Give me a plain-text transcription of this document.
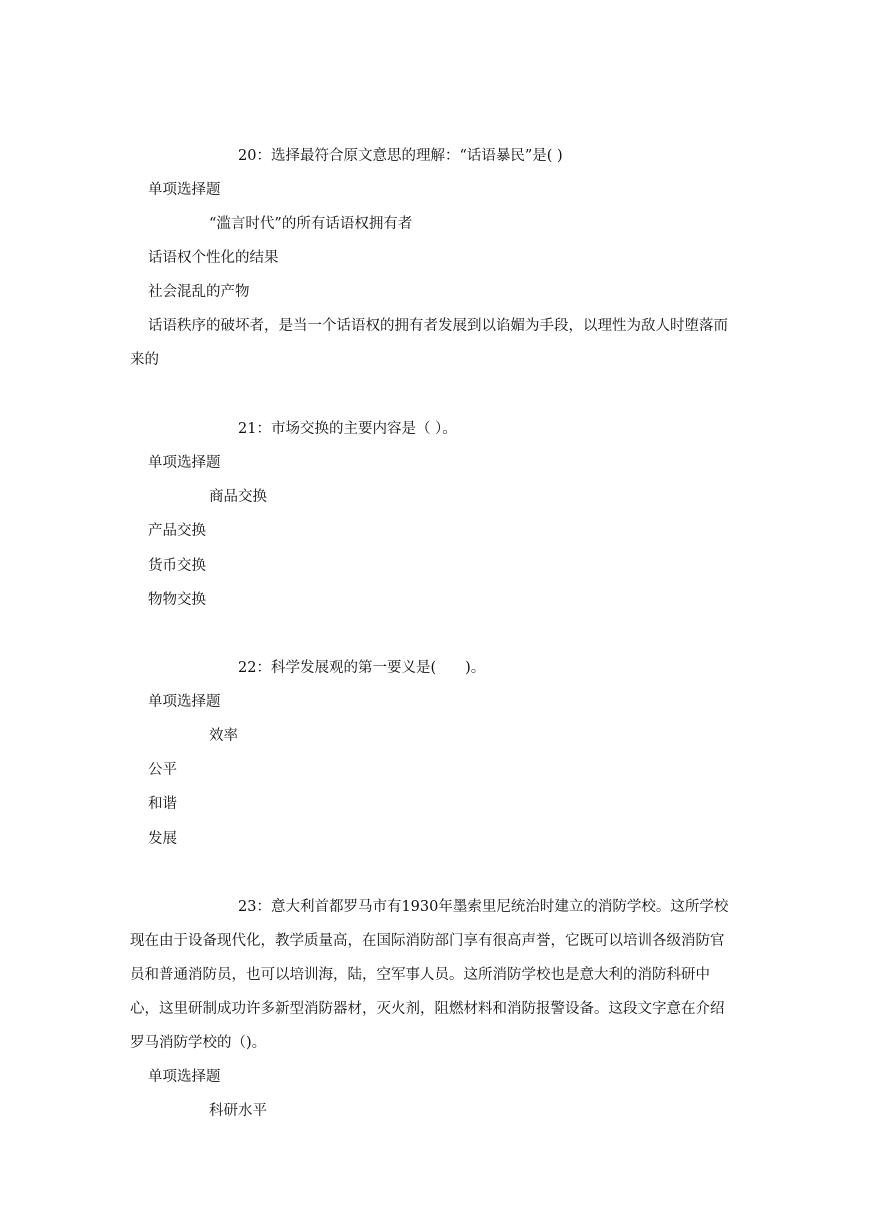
20：选择最符合原文意思的理解：“话语暴民”是( )
单项选择题
“滥言时代”的所有话语权拥有者
话语权个性化的结果
社会混乱的产物
话语秩序的破坏者，是当一个话语权的拥有者发展到以谄媚为手段，以理性为敌人时堕落而来的
21：市场交换的主要内容是（ ）。
单项选择题
商品交换
产品交换
货币交换
物物交换
22：科学发展观的第一要义是(　　)。
单项选择题
效率
公平
和谐
发展
23：意大利首都罗马市有1930年墨索里尼统治时建立的消防学校。这所学校现在由于设备现代化，教学质量高，在国际消防部门享有很高声誉，它既可以培训各级消防官员和普通消防员，也可以培训海，陆，空军事人员。这所消防学校也是意大利的消防科研中心，这里研制成功许多新型消防器材，灭火剂，阻燃材料和消防报警设备。这段文字意在介绍罗马消防学校的（)。
单项选择题
科研水平
